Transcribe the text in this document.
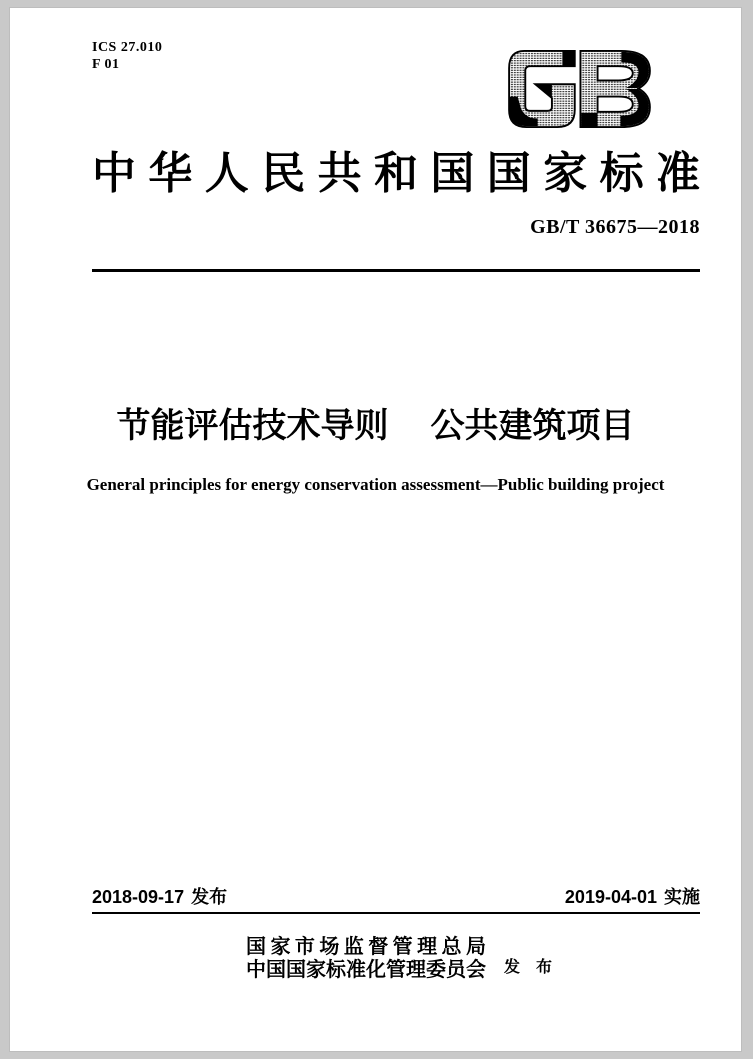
ICS 27.010
F 01
中华人民共和国国家标准
GB/T 36675—2018
节能评估技术导则 公共建筑项目
General principles for energy conservation assessment—Public building project
2018-09-17 发布	2019-04-01 实施
国家市场监督管理总局
中国国家标准化管理委员会 发 布
